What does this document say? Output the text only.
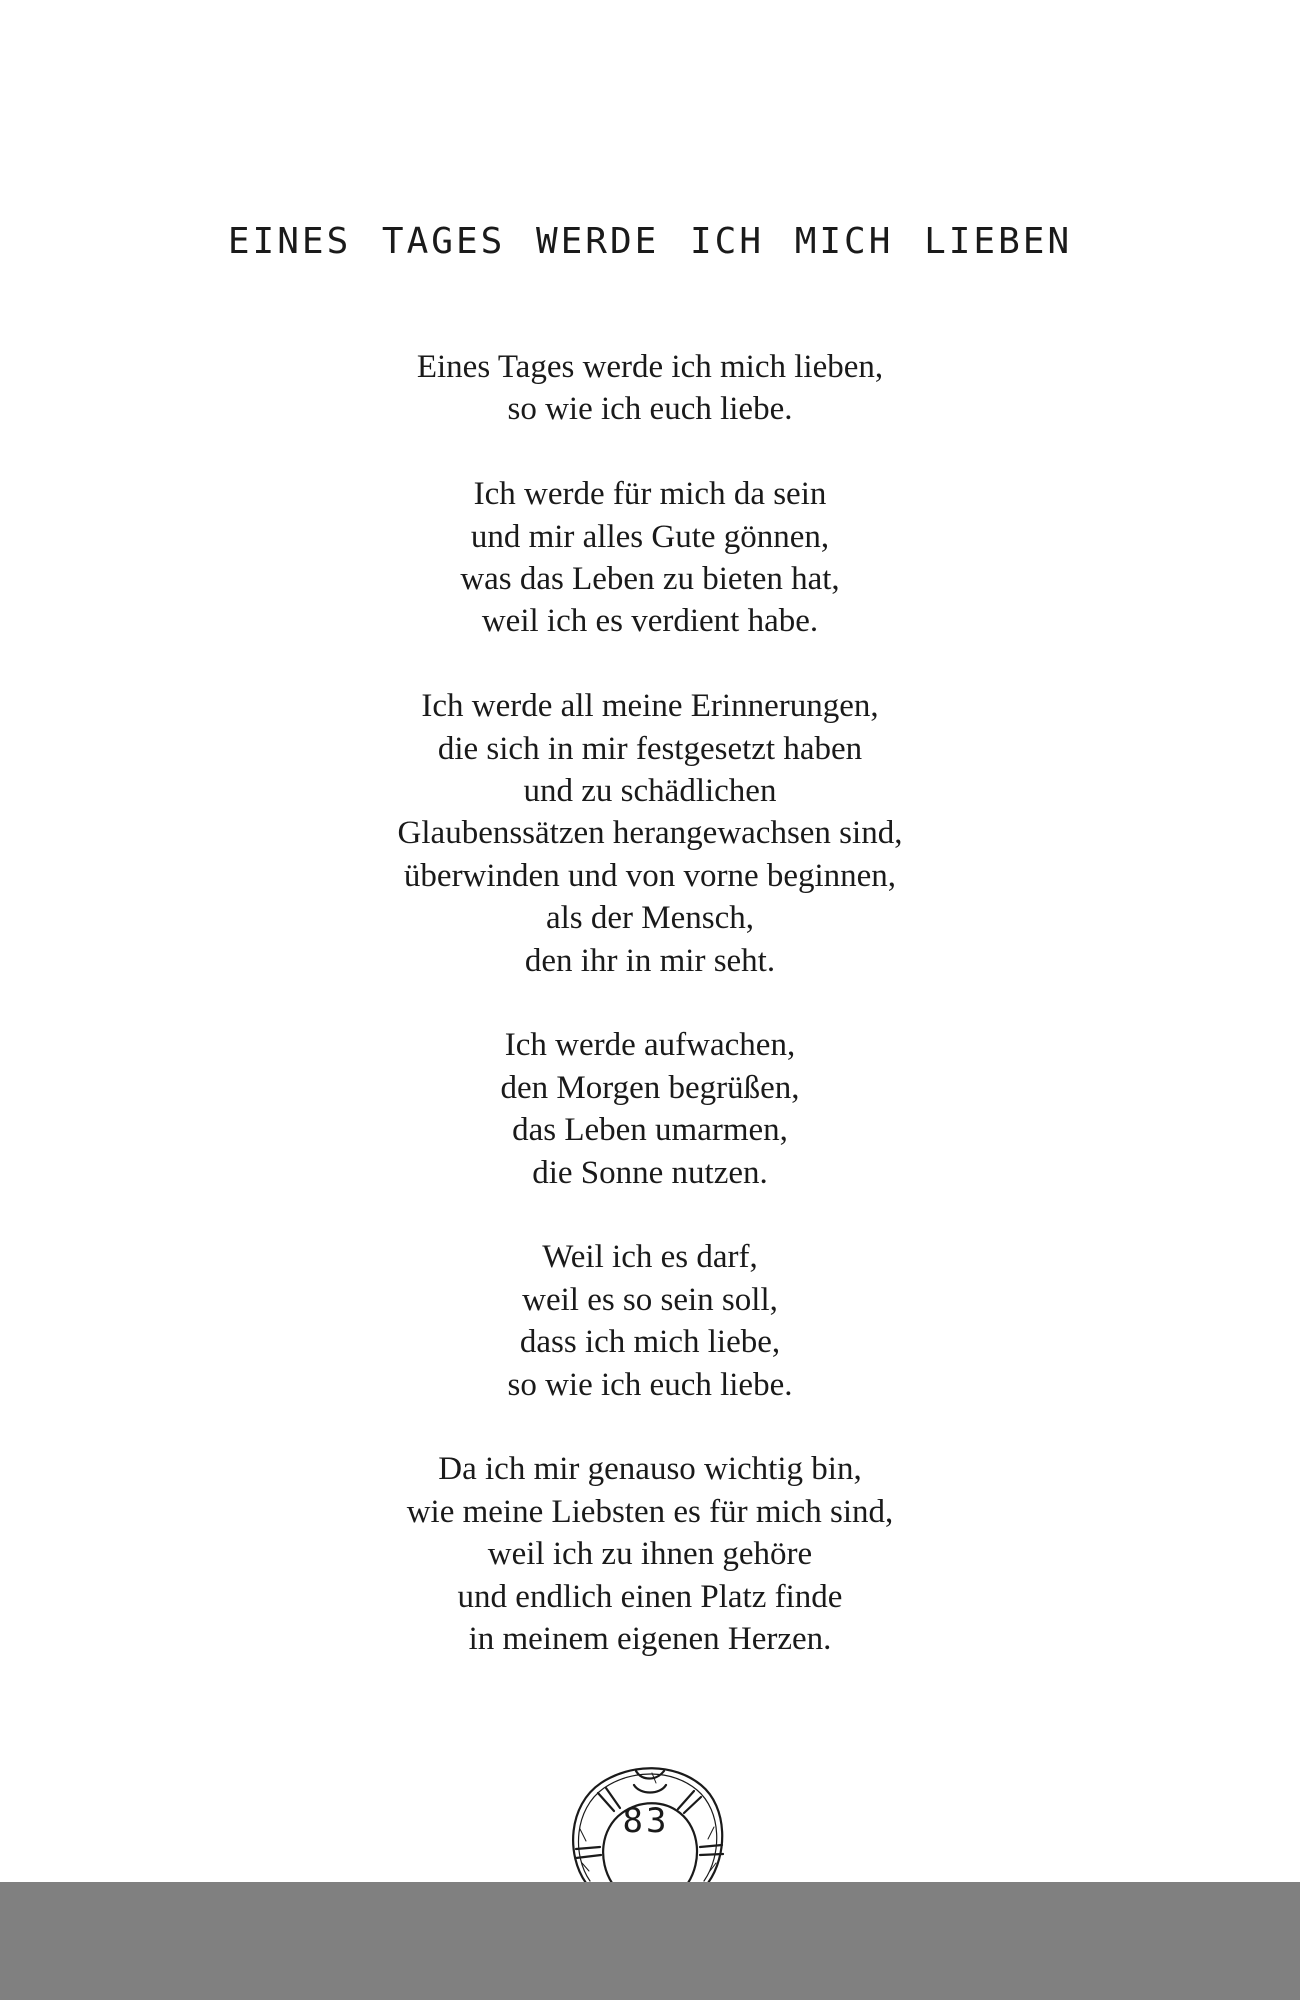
EINES TAGES WERDE ICH MICH LIEBEN

Eines Tages werde ich mich lieben,
so wie ich euch liebe.

Ich werde für mich da sein
und mir alles Gute gönnen,
was das Leben zu bieten hat,
weil ich es verdient habe.

Ich werde all meine Erinnerungen,
die sich in mir festgesetzt haben
und zu schädlichen
Glaubenssätzen herangewachsen sind,
überwinden und von vorne beginnen,
als der Mensch,
den ihr in mir seht.

Ich werde aufwachen,
den Morgen begrüßen,
das Leben umarmen,
die Sonne nutzen.

Weil ich es darf,
weil es so sein soll,
dass ich mich liebe,
so wie ich euch liebe.

Da ich mir genauso wichtig bin,
wie meine Liebsten es für mich sind,
weil ich zu ihnen gehöre
und endlich einen Platz finde
in meinem eigenen Herzen.

83
